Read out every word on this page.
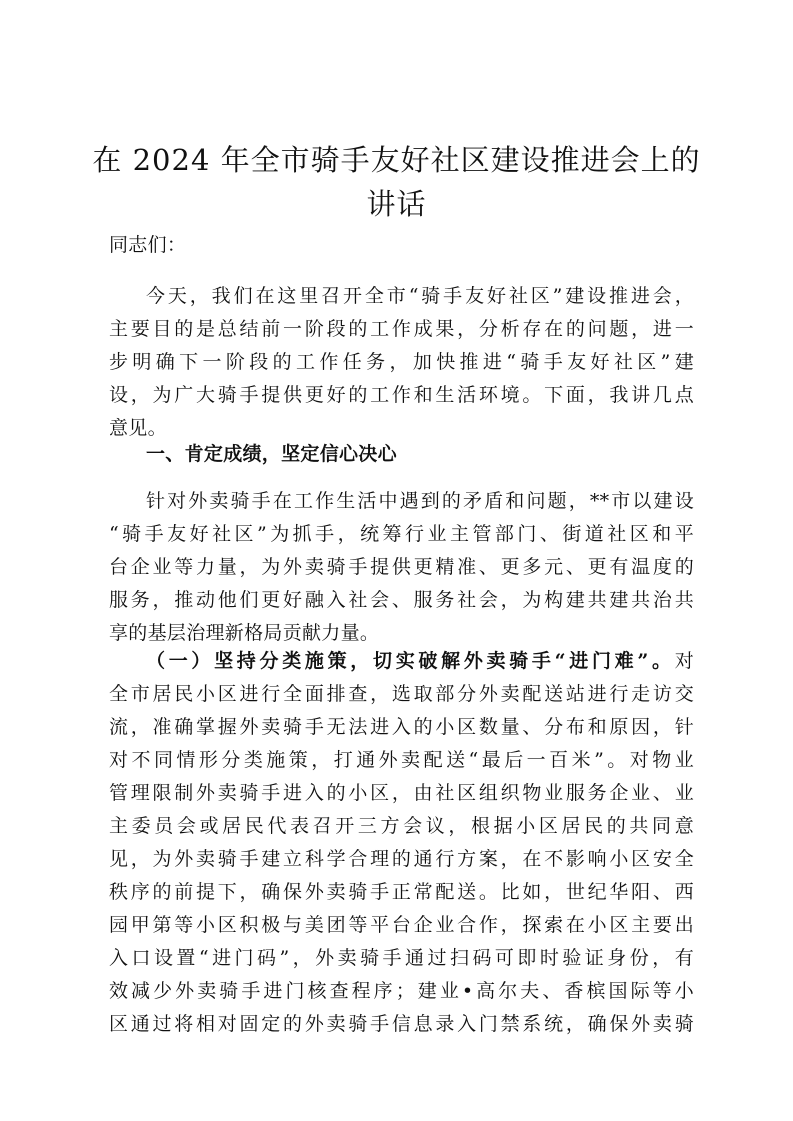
在 2024 年全市骑手友好社区建设推进会上的
讲话
同志们：
今天，我们在这里召开全市“骑手友好社区”建设推进会，
主要目的是总结前一阶段的工作成果，分析存在的问题，进一
步明确下一阶段的工作任务，加快推进“骑手友好社区”建
设，为广大骑手提供更好的工作和生活环境。下面，我讲几点
意见。
一、肯定成绩，坚定信心决心
针对外卖骑手在工作生活中遇到的矛盾和问题，**市以建设
“骑手友好社区”为抓手，统筹行业主管部门、街道社区和平
台企业等力量，为外卖骑手提供更精准、更多元、更有温度的
服务，推动他们更好融入社会、服务社会，为构建共建共治共
享的基层治理新格局贡献力量。
（一）坚持分类施策，切实破解外卖骑手“进门难”。对
全市居民小区进行全面排查，选取部分外卖配送站进行走访交
流，准确掌握外卖骑手无法进入的小区数量、分布和原因，针
对不同情形分类施策，打通外卖配送“最后一百米”。对物业
管理限制外卖骑手进入的小区，由社区组织物业服务企业、业
主委员会或居民代表召开三方会议，根据小区居民的共同意
见，为外卖骑手建立科学合理的通行方案，在不影响小区安全
秩序的前提下，确保外卖骑手正常配送。比如，世纪华阳、西
园甲第等小区积极与美团等平台企业合作，探索在小区主要出
入口设置“进门码”，外卖骑手通过扫码可即时验证身份，有
效减少外卖骑手进门核查程序；建业•高尔夫、香槟国际等小
区通过将相对固定的外卖骑手信息录入门禁系统，确保外卖骑
